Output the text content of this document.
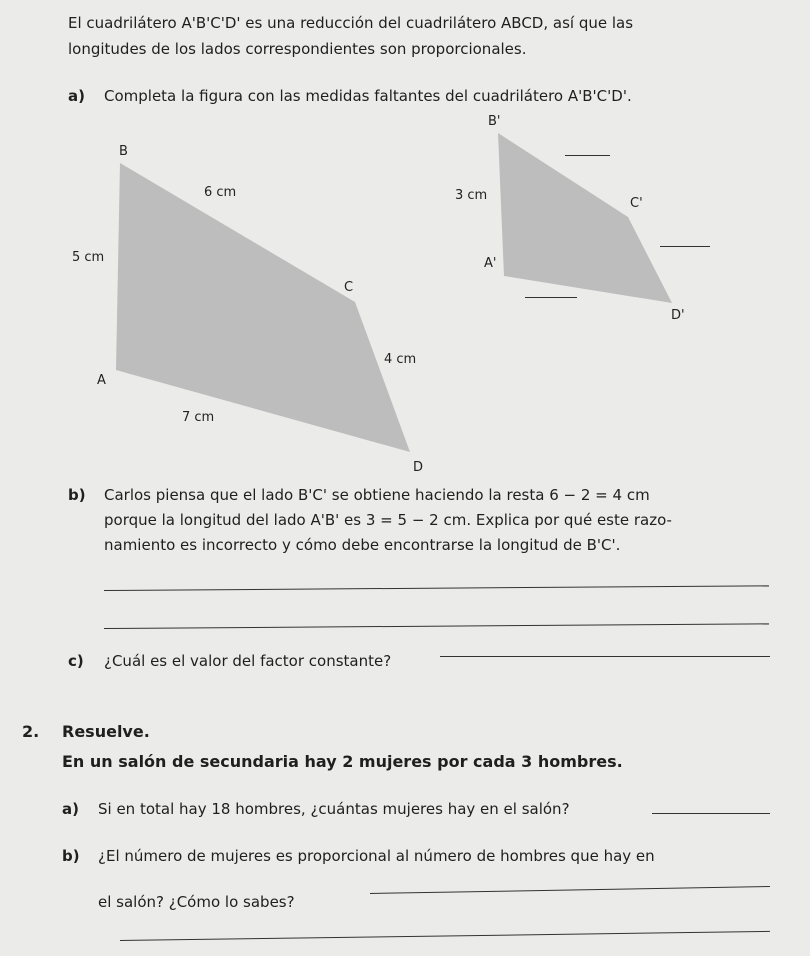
El cuadrilátero A'B'C'D' es una reducción del cuadrilátero ABCD, así que las
longitudes de los lados correspondientes son proporcionales.
a) Completa la figura con las medidas faltantes del cuadrilátero A'B'C'D'.
B
6 cm
5 cm
C
4 cm
A
7 cm
D
B'
3 cm
C'
A'
D'
b) Carlos piensa que el lado B'C' se obtiene haciendo la resta 6 − 2 = 4 cm
porque la longitud del lado A'B' es 3 = 5 − 2 cm. Explica por qué este razo-
namiento es incorrecto y cómo debe encontrarse la longitud de B'C'.
c) ¿Cuál es el valor del factor constante?
2. Resuelve.
En un salón de secundaria hay 2 mujeres por cada 3 hombres.
a) Si en total hay 18 hombres, ¿cuántas mujeres hay en el salón?
b) ¿El número de mujeres es proporcional al número de hombres que hay en
el salón? ¿Cómo lo sabes?
